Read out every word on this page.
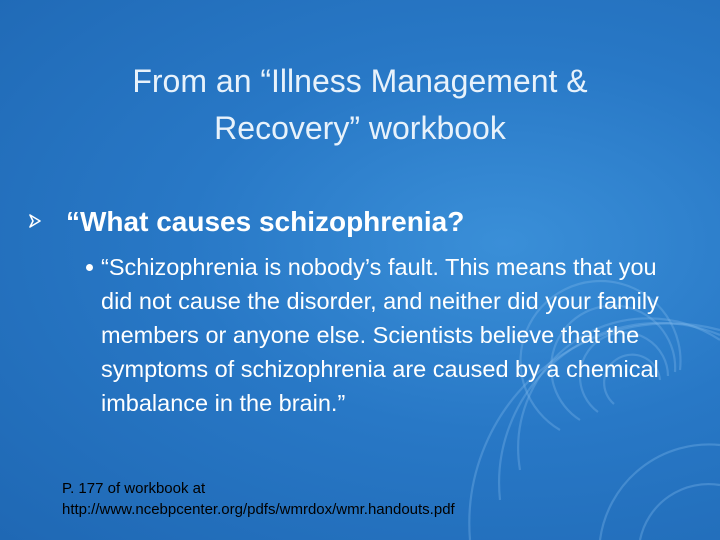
From an “Illness Management &
Recovery” workbook
“What causes schizophrenia?
“Schizophrenia is nobody’s fault. This means that you did not cause the disorder, and neither did your family members or anyone else. Scientists believe that the symptoms of schizophrenia are caused by a chemical imbalance in the brain.”
P. 177 of workbook at
http://www.ncebpcenter.org/pdfs/wmrdox/wmr.handouts.pdf
